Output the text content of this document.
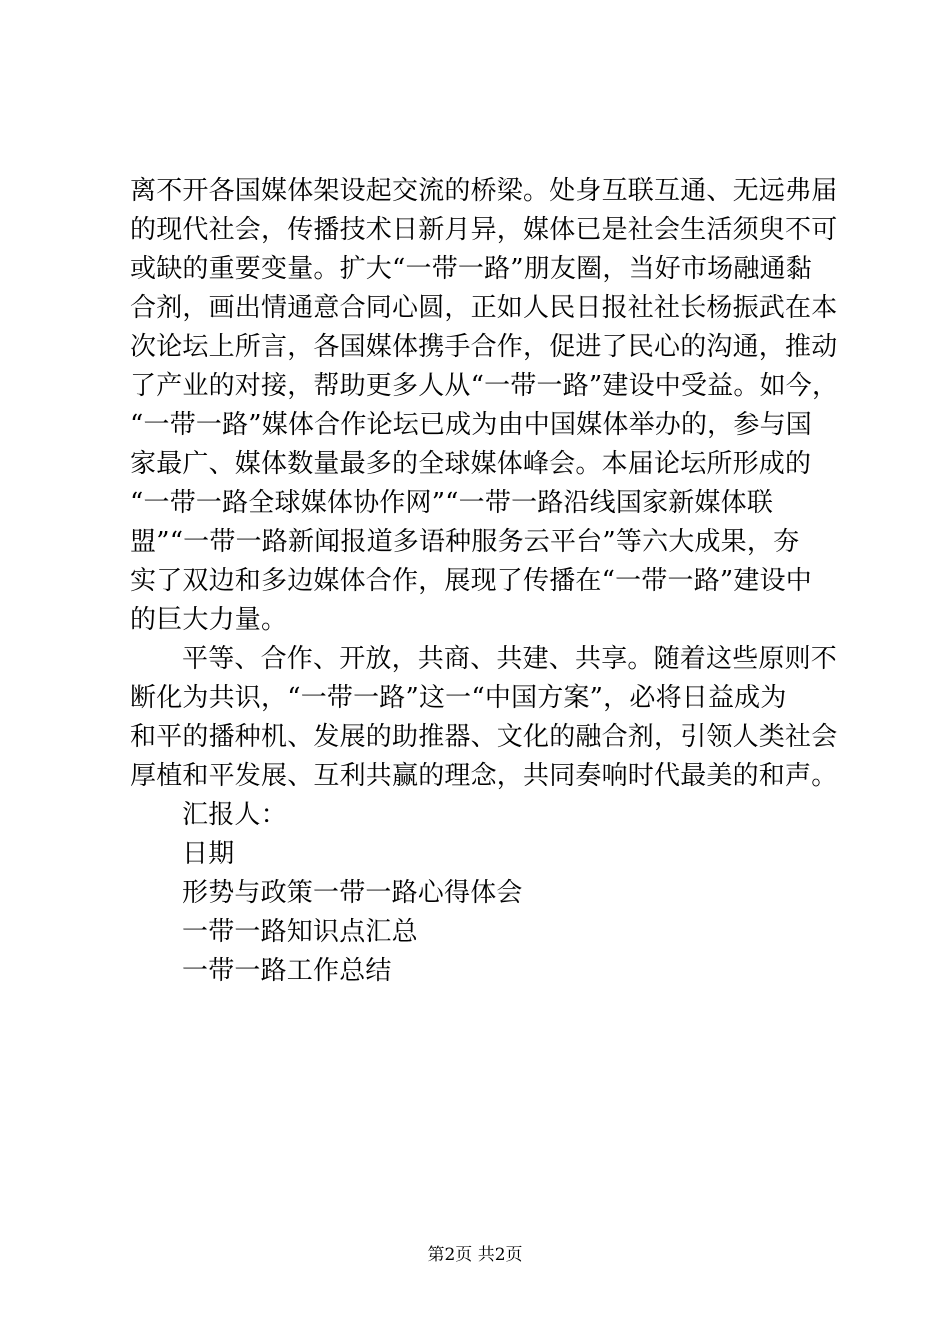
离不开各国媒体架设起交流的桥梁。处身互联互通、无远弗届
的现代社会，传播技术日新月异，媒体已是社会生活须臾不可
或缺的重要变量。扩大“一带一路”朋友圈，当好市场融通黏
合剂，画出情通意合同心圆，正如人民日报社社长杨振武在本
次论坛上所言，各国媒体携手合作，促进了民心的沟通，推动
了产业的对接，帮助更多人从“一带一路”建设中受益。如今，
“一带一路”媒体合作论坛已成为由中国媒体举办的，参与国
家最广、媒体数量最多的全球媒体峰会。本届论坛所形成的
“一带一路全球媒体协作网”“一带一路沿线国家新媒体联
盟”“一带一路新闻报道多语种服务云平台”等六大成果，夯
实了双边和多边媒体合作，展现了传播在“一带一路”建设中
的巨大力量。
平等、合作、开放，共商、共建、共享。随着这些原则不
断化为共识，“一带一路”这一“中国方案”，必将日益成为
和平的播种机、发展的助推器、文化的融合剂，引领人类社会
厚植和平发展、互利共赢的理念，共同奏响时代最美的和声。
汇报人：
日期
形势与政策一带一路心得体会
一带一路知识点汇总
一带一路工作总结
第2页 共2页
